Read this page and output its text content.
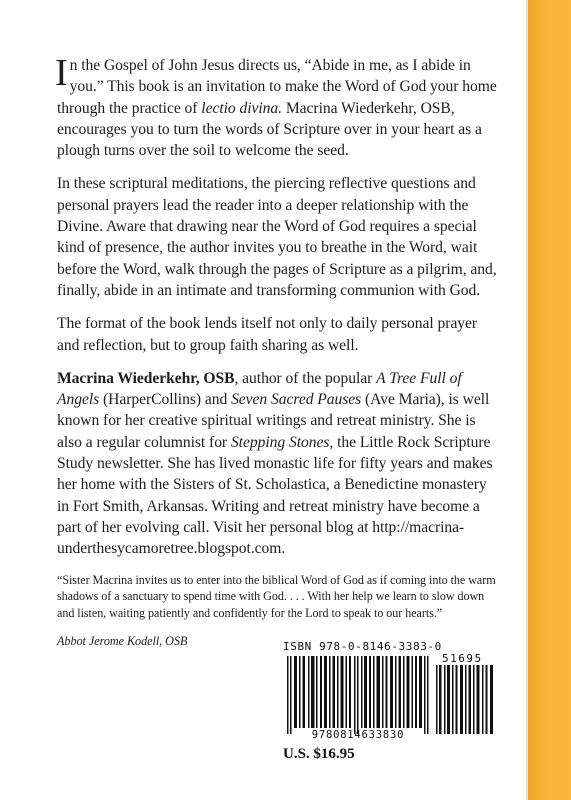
In the Gospel of John Jesus directs us, “Abide in me, as I abide in you.” This book is an invitation to make the Word of God your home through the practice of lectio divina. Macrina Wiederkehr, OSB, encourages you to turn the words of Scripture over in your heart as a plough turns over the soil to welcome the seed.

In these scriptural meditations, the piercing reflective questions and personal prayers lead the reader into a deeper relationship with the Divine. Aware that drawing near the Word of God requires a special kind of presence, the author invites you to breathe in the Word, wait before the Word, walk through the pages of Scripture as a pilgrim, and, finally, abide in an intimate and transforming communion with God.

The format of the book lends itself not only to daily personal prayer and reflection, but to group faith sharing as well.

Macrina Wiederkehr, OSB, author of the popular A Tree Full of Angels (HarperCollins) and Seven Sacred Pauses (Ave Maria), is well known for her creative spiritual writings and retreat ministry. She is also a regular columnist for Stepping Stones, the Little Rock Scripture Study newsletter. She has lived monastic life for fifty years and makes her home with the Sisters of St. Scholastica, a Benedictine monastery in Fort Smith, Arkansas. Writing and retreat ministry have become a part of her evolving call. Visit her personal blog at http://macrina-underthesycamoretree.blogspot.com.

“Sister Macrina invites us to enter into the biblical Word of God as if coming into the warm shadows of a sanctuary to spend time with God. . . . With her help we learn to slow down and listen, waiting patiently and confidently for the Lord to speak to our hearts.”

Abbot Jerome Kodell, OSB	ISBN 978-0-8146-3383-0
51695
9780814633830
U.S. $16.95
